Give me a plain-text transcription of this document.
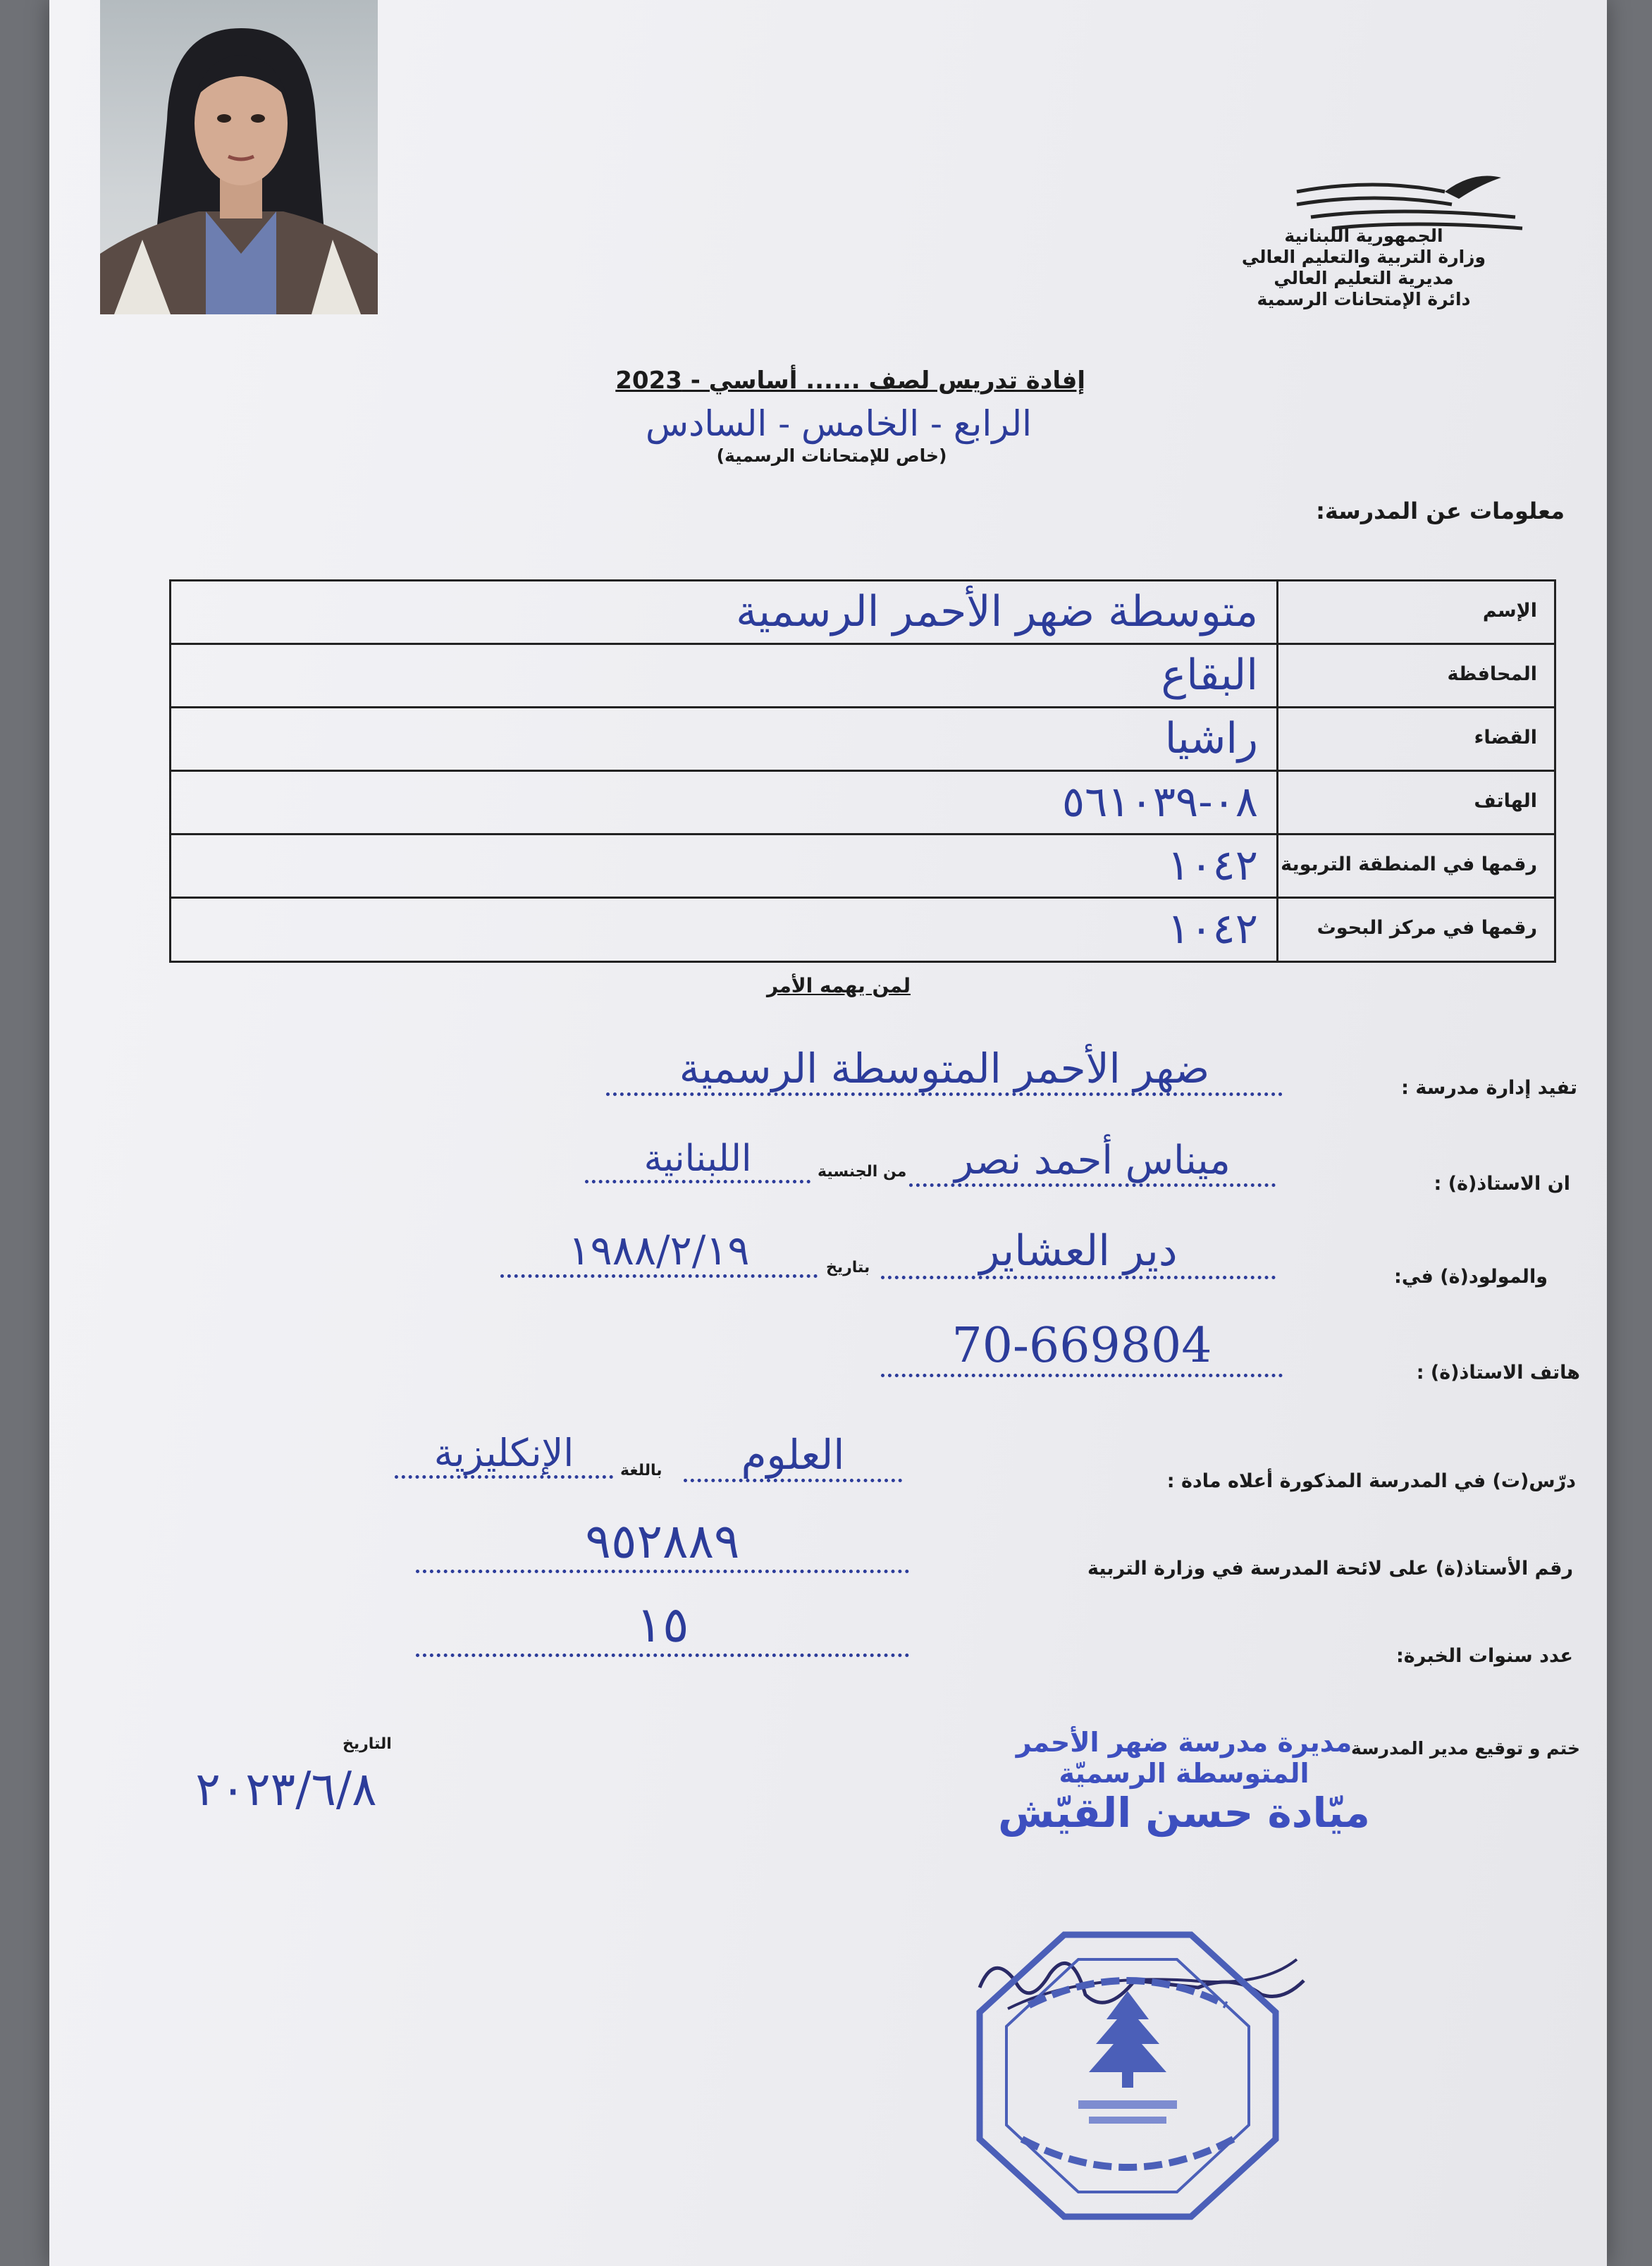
الجمهورية اللبنانية
وزارة التربية والتعليم العالي
مديرية التعليم العالي
دائرة الإمتحانات الرسمية
إفادة تدريس لصف ...... أساسي - 2023
الرابع - الخامس - السادس
(خاص للإمتحانات الرسمية)
معلومات عن المدرسة:
الإسم
متوسطة ضهر الأحمر الرسمية
المحافظة
البقاع
القضاء
راشيا
الهاتف
٠٨-٥٦١٠٣٩
رقمها في المنطقة التربوية
١٠٤٢
رقمها في مركز البحوث
١٠٤٢
لمن يهمه الأمر
تفيد إدارة مدرسة :
ضهر الأحمر المتوسطة الرسمية
ان الاستاذ(ة) :
ميناس أحمد نصر
من الجنسية
اللبنانية
والمولود(ة) في:
دير العشاير
بتاريخ
١٩٨٨/٢/١٩
هاتف الاستاذ(ة) :
70-669804
درّس(ت) في المدرسة المذكورة أعلاه مادة :
العلوم
باللغة
الإنكليزية
رقم الأستاذ(ة) على لائحة المدرسة في وزارة التربية
٩٥٢٨٨٩
عدد سنوات الخبرة:
١٥
ختم و توقيع مدير المدرسة
التاريخ
٢٠٢٣/٦/٨
مديرة مدرسة ضهر الأحمر
المتوسطة الرسميّة
ميّادة حسن القيّش
